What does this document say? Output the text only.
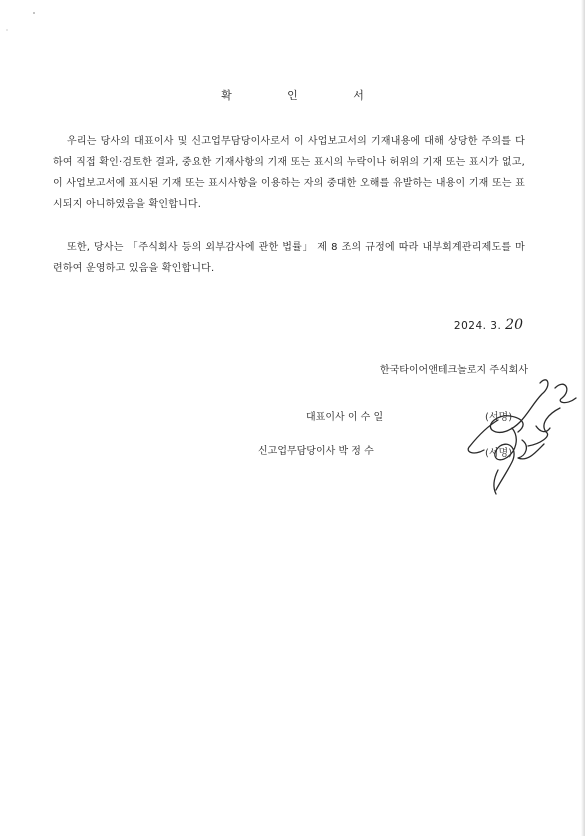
확 인 서

우리는 당사의 대표이사 및 신고업무담당이사로서 이 사업보고서의 기재내용에 대해 상당한 주의를 다하여 직접 확인·검토한 결과, 중요한 기재사항의 기재 또는 표시의 누락이나 허위의 기재 또는 표시가 없고, 이 사업보고서에 표시된 기재 또는 표시사항을 이용하는 자의 중대한 오해를 유발하는 내용이 기재 또는 표시되지 아니하였음을 확인합니다.

또한, 당사는 「주식회사 등의 외부감사에 관한 법률」 제 8 조의 규정에 따라 내부회계관리제도를 마련하여 운영하고 있음을 확인합니다.

2024. 3. 20
한국타이어앤테크놀로지 주식회사
대표이사 이 수 일
신고업무담당이사 박 정 수
(서명)
(서명)
